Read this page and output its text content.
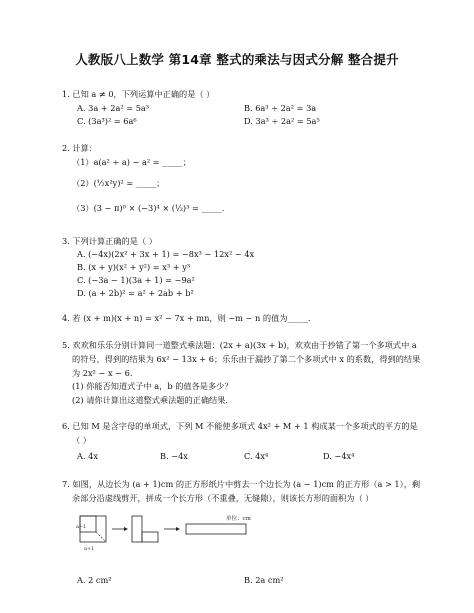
人教版八上数学 第14章 整式的乘法与因式分解 整合提升
1. 已知 a ≠ 0，下列运算中正确的是（ ）
A. 3a + 2a² = 5a³	B. 6a³ ÷ 2a² = 3a
C. (3a³)² = 6a⁶	D. 3a³ ÷ 2a² = 5a⁵
2. 计算：
（1）a(a² ÷ a) − a² = _____；
（2）(½x²y)² = _____；
（3）(3 − π)⁰ × (−3)⁴ × (⅓)³ = _____.
3. 下列计算正确的是（ ）
A. (−4x)(2x² + 3x + 1) = −8x³ − 12x² − 4x
B. (x + y)(x² + y²) = x³ + y³
C. (−3a − 1)(3a + 1) = −9a²
D. (a + 2b)² = a² + 2ab + b²
4. 若 (x + m)(x + n) = x² − 7x + mn，则 −m − n 的值为_____.
5. 欢欢和乐乐分别计算同一道整式乘法题：(2x + a)(3x + b)，欢欢由于抄错了第一个多项式中 a
的符号，得到的结果为 6x² − 13x + 6；乐乐由于漏抄了第二个多项式中 x 的系数，得到的结果
为 2x² − x − 6.
(1) 你能否知道式子中 a，b 的值各是多少？
(2) 请你计算出这道整式乘法题的正确结果.
6. 已知 M 是含字母的单项式，下列 M 不能使多项式 4x² + M + 1 构成某一个多项式的平方的是
（ ）
A. 4x	B. −4x	C. 4x⁴	D. −4x⁴
7. 如图，从边长为 (a + 1)cm 的正方形纸片中剪去一个边长为 (a − 1)cm 的正方形（a > 1），剩
余部分沿虚线剪开，拼成一个长方形（不重叠，无缝隙），则该长方形的面积为（ ）
a−1
a+1
单位：cm
A. 2 cm²	B. 2a cm²
